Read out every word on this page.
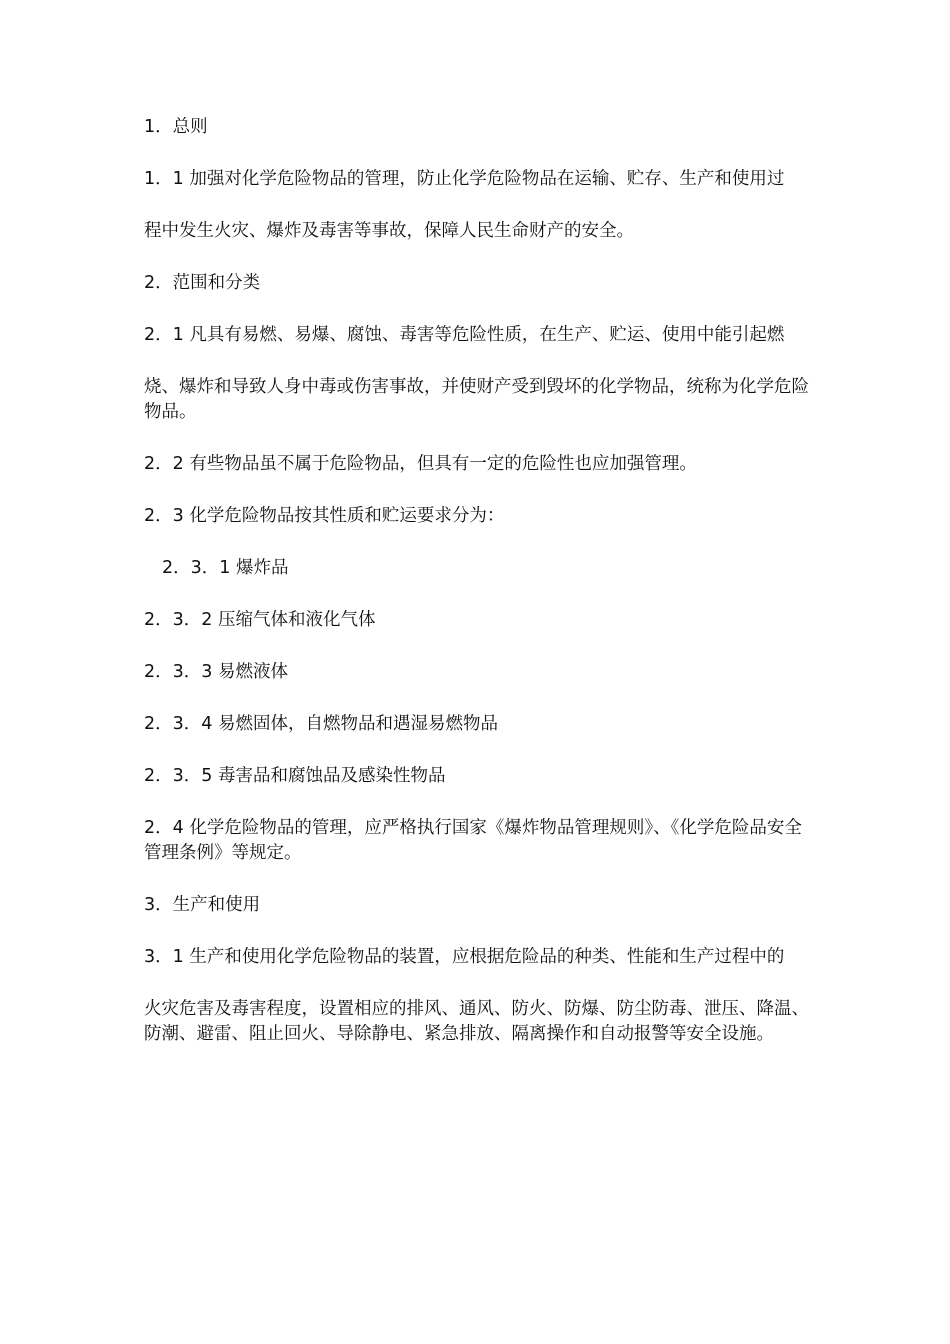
1．总则

1．1 加强对化学危险物品的管理，防止化学危险物品在运输、贮存、生产和使用过

程中发生火灾、爆炸及毒害等事故，保障人民生命财产的安全。

2．范围和分类

2．1 凡具有易燃、易爆、腐蚀、毒害等危险性质，在生产、贮运、使用中能引起燃

烧、爆炸和导致人身中毒或伤害事故，并使财产受到毁坏的化学物品，统称为化学危险物品。

2．2 有些物品虽不属于危险物品，但具有一定的危险性也应加强管理。

2．3 化学危险物品按其性质和贮运要求分为：

2．3．1 爆炸品

2．3．2 压缩气体和液化气体

2．3．3 易燃液体

2．3．4 易燃固体，自燃物品和遇湿易燃物品

2．3．5 毒害品和腐蚀品及感染性物品

2．4 化学危险物品的管理，应严格执行国家《爆炸物品管理规则》、《化学危险品安全管理条例》等规定。

3．生产和使用

3．1 生产和使用化学危险物品的装置，应根据危险品的种类、性能和生产过程中的

火灾危害及毒害程度，设置相应的排风、通风、防火、防爆、防尘防毒、泄压、降温、防潮、避雷、阻止回火、导除静电、紧急排放、隔离操作和自动报警等安全设施。
